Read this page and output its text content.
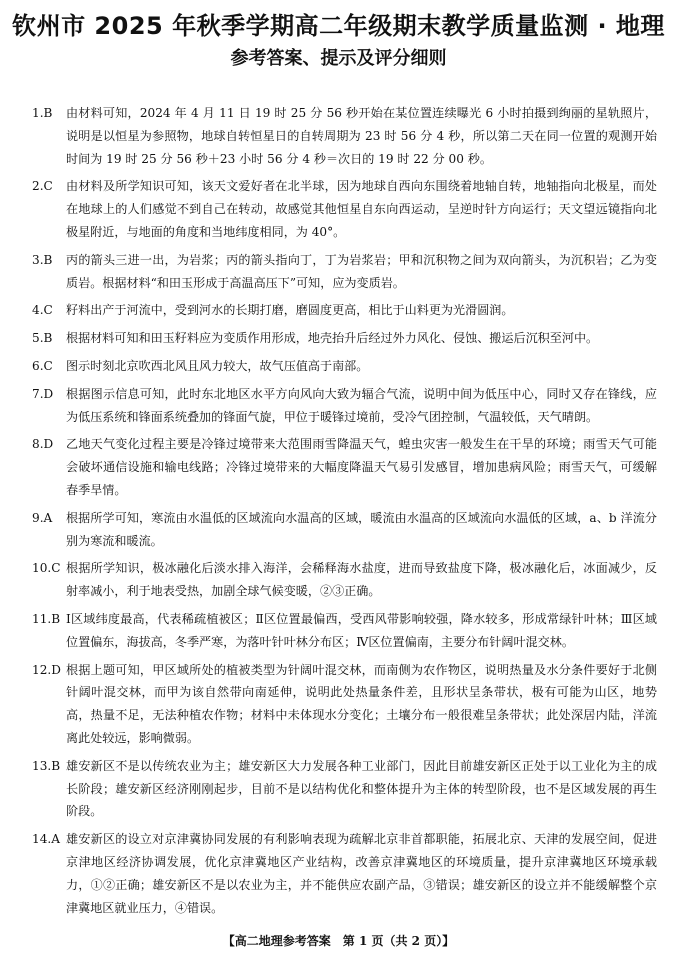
钦州市 2025 年秋季学期高二年级期末教学质量监测 · 地理
参考答案、提示及评分细则
1.B	由材料可知，2024 年 4 月 11 日 19 时 25 分 56 秒开始在某位置连续曝光 6 小时拍摄到绚丽的星轨照片，说明是以恒星为参照物，地球自转恒星日的自转周期为 23 时 56 分 4 秒，所以第二天在同一位置的观测开始时间为 19 时 25 分 56 秒＋23 小时 56 分 4 秒＝次日的 19 时 22 分 00 秒。
2.C	由材料及所学知识可知，该天文爱好者在北半球，因为地球自西向东围绕着地轴自转，地轴指向北极星，而处在地球上的人们感觉不到自己在转动，故感觉其他恒星自东向西运动，呈逆时针方向运行；天文望远镜指向北极星附近，与地面的角度和当地纬度相同，为 40°。
3.B	丙的箭头三进一出，为岩浆；丙的箭头指向丁，丁为岩浆岩；甲和沉积物之间为双向箭头，为沉积岩；乙为变质岩。根据材料“和田玉形成于高温高压下”可知，应为变质岩。
4.C	籽料出产于河流中，受到河水的长期打磨，磨圆度更高，相比于山料更为光滑圆润。
5.B	根据材料可知和田玉籽料应为变质作用形成，地壳抬升后经过外力风化、侵蚀、搬运后沉积至河中。
6.C	图示时刻北京吹西北风且风力较大，故气压值高于南部。
7.D	根据图示信息可知，此时东北地区水平方向风向大致为辐合气流，说明中间为低压中心，同时又存在锋线，应为低压系统和锋面系统叠加的锋面气旋，甲位于暖锋过境前，受冷气团控制，气温较低，天气晴朗。
8.D	乙地天气变化过程主要是冷锋过境带来大范围雨雪降温天气，蝗虫灾害一般发生在干旱的环境；雨雪天气可能会破坏通信设施和输电线路；冷锋过境带来的大幅度降温天气易引发感冒，增加患病风险；雨雪天气，可缓解春季旱情。
9.A	根据所学可知，寒流由水温低的区域流向水温高的区域，暖流由水温高的区域流向水温低的区域，a、b 洋流分别为寒流和暖流。
10.C 根据所学知识，极冰融化后淡水排入海洋，会稀释海水盐度，进而导致盐度下降，极冰融化后，冰面减少，反射率减小，利于地表受热，加剧全球气候变暖，②③正确。
11.B Ⅰ区域纬度最高，代表稀疏植被区；Ⅱ区位置最偏西，受西风带影响较强，降水较多，形成常绿针叶林；Ⅲ区域位置偏东，海拔高，冬季严寒，为落叶针叶林分布区；Ⅳ区位置偏南，主要分布针阔叶混交林。
12.D 根据上题可知，甲区域所处的植被类型为针阔叶混交林，而南侧为农作物区，说明热量及水分条件要好于北侧针阔叶混交林，而甲为该自然带向南延伸，说明此处热量条件差，且形状呈条带状，极有可能为山区，地势高，热量不足，无法种植农作物；材料中未体现水分变化；土壤分布一般很难呈条带状；此处深居内陆，洋流离此处较远，影响微弱。
13.B 雄安新区不是以传统农业为主；雄安新区大力发展各种工业部门，因此目前雄安新区正处于以工业化为主的成长阶段；雄安新区经济刚刚起步，目前不是以结构优化和整体提升为主体的转型阶段，也不是区域发展的再生阶段。
14.A 雄安新区的设立对京津冀协同发展的有利影响表现为疏解北京非首都职能，拓展北京、天津的发展空间，促进京津地区经济协调发展，优化京津冀地区产业结构，改善京津冀地区的环境质量，提升京津冀地区环境承载力，①②正确；雄安新区不是以农业为主，并不能供应农副产品，③错误；雄安新区的设立并不能缓解整个京津冀地区就业压力，④错误。
【高二地理参考答案　第 1 页（共 2 页）】
